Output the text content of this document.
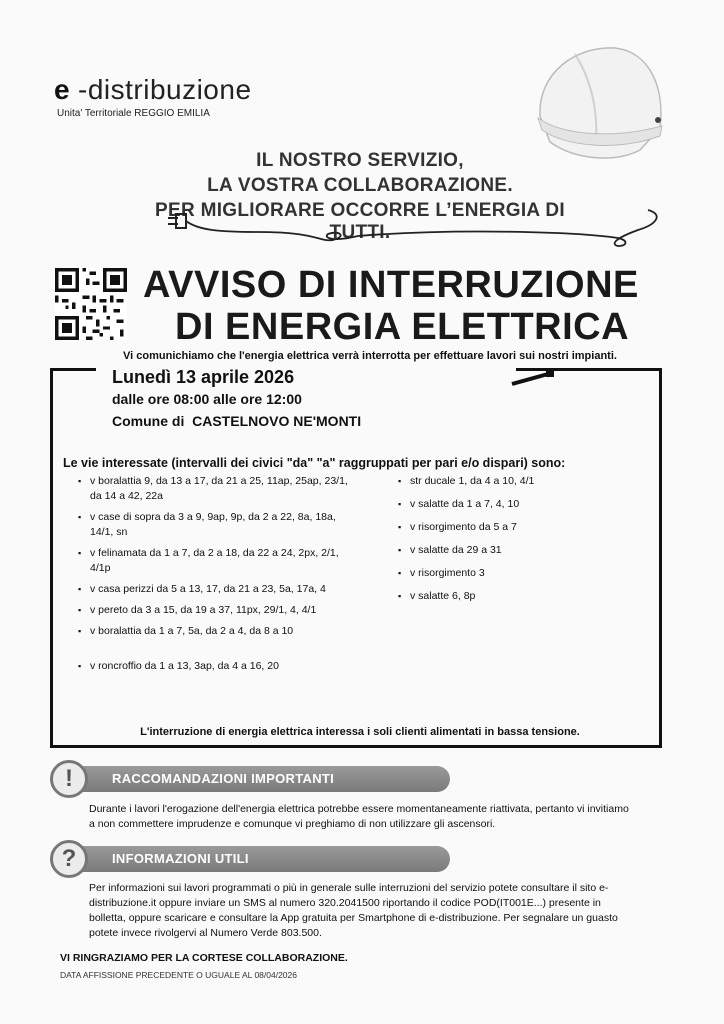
e -distribuzione
Unita' Territoriale REGGIO EMILIA
IL NOSTRO SERVIZIO,
LA VOSTRA COLLABORAZIONE.
PER MIGLIORARE OCCORRE L’ENERGIA DI TUTTI.
AVVISO DI INTERRUZIONE
DI ENERGIA ELETTRICA
Vi comunichiamo che l'energia elettrica verrà interrotta per effettuare lavori sui nostri impianti.
Lunedì 13 aprile 2026
dalle ore 08:00 alle ore 12:00
Comune di CASTELNOVO NE'MONTI
Le vie interessate (intervalli dei civici "da" "a" raggruppati per pari e/o dispari) sono:
▪ v boralattia 9, da 13 a 17, da 21 a 25, 11ap, 25ap, 23/1, da 14 a 42, 22a
▪ v case di sopra da 3 a 9, 9ap, 9p, da 2 a 22, 8a, 18a, 14/1, sn
▪ v felinamata da 1 a 7, da 2 a 18, da 22 a 24, 2px, 2/1, 4/1p
▪ v casa perizzi da 5 a 13, 17, da 21 a 23, 5a, 17a, 4
▪ v pereto da 3 a 15, da 19 a 37, 11px, 29/1, 4, 4/1
▪ v boralattia da 1 a 7, 5a, da 2 a 4, da 8 a 10
▪ v roncroffio da 1 a 13, 3ap, da 4 a 16, 20
▪ str ducale 1, da 4 a 10, 4/1
▪ v salatte da 1 a 7, 4, 10
▪ v risorgimento da 5 a 7
▪ v salatte da 29 a 31
▪ v risorgimento 3
▪ v salatte 6, 8p
L'interruzione di energia elettrica interessa i soli clienti alimentati in bassa tensione.
RACCOMANDAZIONI IMPORTANTI
!
Durante i lavori l'erogazione dell'energia elettrica potrebbe essere momentaneamente riattivata, pertanto vi invitiamo a non commettere imprudenze e comunque vi preghiamo di non utilizzare gli ascensori.
INFORMAZIONI UTILI
?
Per informazioni sui lavori programmati o più in generale sulle interruzioni del servizio potete consultare il sito e-distribuzione.it oppure inviare un SMS al numero 320.2041500 riportando il codice POD(IT001E...) presente in bolletta, oppure scaricare e consultare la App gratuita per Smartphone di e-distribuzione. Per segnalare un guasto potete invece rivolgervi al Numero Verde 803.500.
VI RINGRAZIAMO PER LA CORTESE COLLABORAZIONE.
DATA AFFISSIONE PRECEDENTE O UGUALE AL 08/04/2026
